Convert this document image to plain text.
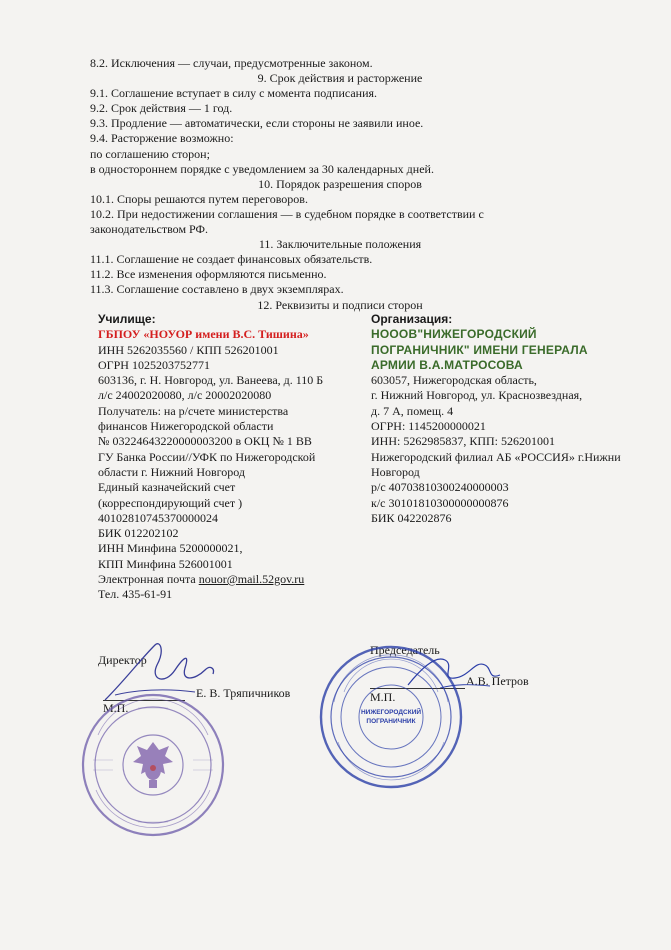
8.2. Исключения — случаи, предусмотренные законом.
9. Срок действия и расторжение
9.1. Соглашение вступает в силу с момента подписания.
9.2. Срок действия — 1 год.
9.3. Продление — автоматически, если стороны не заявили иное.
9.4. Расторжение возможно:
по соглашению сторон;
в одностороннем порядке с уведомлением за 30 календарных дней.
10. Порядок разрешения споров
10.1. Споры решаются путем переговоров.
10.2. При недостижении соглашения — в судебном порядке в соответствии с
законодательством РФ.
11. Заключительные положения
11.1. Соглашение не создает финансовых обязательств.
11.2. Все изменения оформляются письменно.
11.3. Соглашение составлено в двух экземплярах.
12. Реквизиты и подписи сторон
Училище:
ГБПОУ «НОУОР имени В.С. Тишина»
ИНН 5262035560 / КПП 526201001
ОГРН 1025203752771
603136, г. Н. Новгород, ул. Ванеева, д. 110 Б
л/с 24002020080, л/с 20002020080
Получатель: на р/счете министерства
финансов Нижегородской области
№ 03224643220000003200 в ОКЦ № 1 ВВ
ГУ Банка России//УФК по Нижегородской
области г. Нижний Новгород
Единый казначейский счет
(корреспондирующий счет )
40102810745370000024
БИК 012202102
ИНН Минфина 5200000021,
КПП Минфина 526001001
Электронная почта nouor@mail.52gov.ru
Тел. 435-61-91
Организация:
НОООВ"НИЖЕГОРОДСКИЙ
ПОГРАНИЧНИК" ИМЕНИ ГЕНЕРАЛА
АРМИИ В.А.МАТРОСОВА
603057, Нижегородская область,
г. Нижний Новгород, ул. Краснозвездная,
д. 7 А, помещ. 4
ОГРН: 1145200000021
ИНН: 5262985837, КПП: 526201001
Нижегородский филиал АБ «РОССИЯ» г.Нижни
Новгород
р/с 40703810300240000003
к/с 30101810300000000876
БИК 042202876
Директор
Е. В. Тряпичников
М.П.
Председатель
А.В. Петров
М.П.
НИЖЕГОРОДСКИЙ
ПОГРАНИЧНИК
